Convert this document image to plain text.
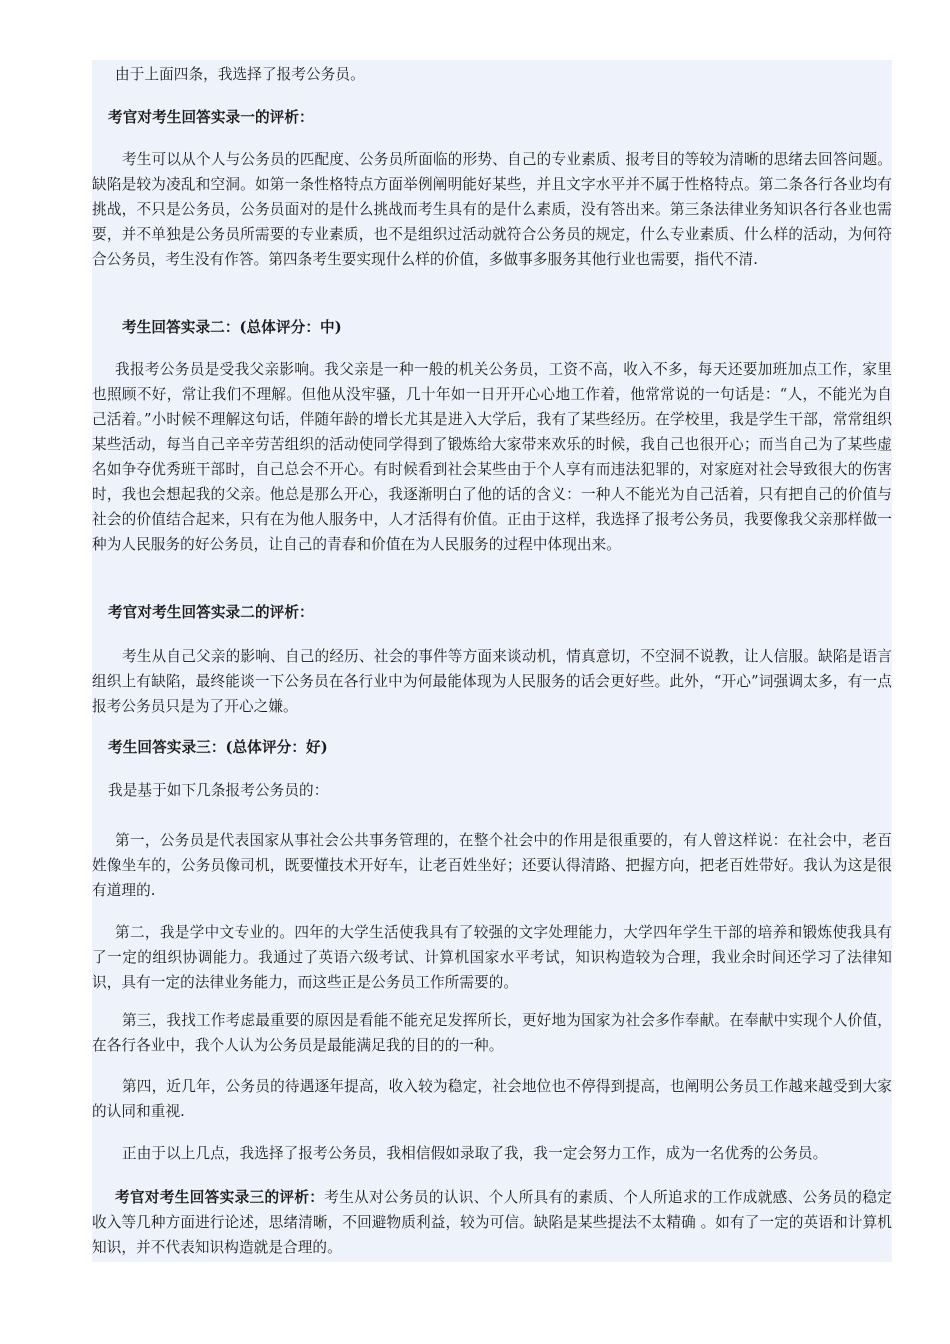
由于上面四条，我选择了报考公务员。

考官对考生回答实录一的评析：

考生可以从个人与公务员的匹配度、公务员所面临的形势、自己的专业素质、报考目的等较为清晰的思绪去回答问题。缺陷是较为凌乱和空洞。如第一条性格特点方面举例阐明能好某些，并且文字水平并不属于性格特点。第二条各行各业均有挑战，不只是公务员，公务员面对的是什么挑战而考生具有的是什么素质，没有答出来。第三条法律业务知识各行各业也需要，并不单独是公务员所需要的专业素质，也不是组织过活动就符合公务员的规定，什么专业素质、什么样的活动，为何符合公务员，考生没有作答。第四条考生要实现什么样的价值，多做事多服务其他行业也需要，指代不清.

考生回答实录二：(总体评分：中)

我报考公务员是受我父亲影响。我父亲是一种一般的机关公务员，工资不高，收入不多，每天还要加班加点工作，家里也照顾不好，常让我们不理解。但他从没牢骚，几十年如一日开开心心地工作着，他常常说的一句话是：“人，不能光为自己活着。”小时候不理解这句话，伴随年龄的增长尤其是进入大学后，我有了某些经历。在学校里，我是学生干部，常常组织某些活动，每当自己辛辛劳苦组织的活动使同学得到了锻炼给大家带来欢乐的时候，我自己也很开心；而当自己为了某些虚名如争夺优秀班干部时，自己总会不开心。有时候看到社会某些由于个人享有而违法犯罪的，对家庭对社会导致很大的伤害时，我也会想起我的父亲。他总是那么开心，我逐渐明白了他的话的含义：一种人不能光为自己活着，只有把自己的价值与社会的价值结合起来，只有在为他人服务中，人才活得有价值。正由于这样，我选择了报考公务员，我要像我父亲那样做一种为人民服务的好公务员，让自己的青春和价值在为人民服务的过程中体现出来。

考官对考生回答实录二的评析：

考生从自己父亲的影响、自己的经历、社会的事件等方面来谈动机，情真意切，不空洞不说教，让人信服。缺陷是语言组织上有缺陷，最终能谈一下公务员在各行业中为何最能体现为人民服务的话会更好些。此外，“开心”词强调太多，有一点报考公务员只是为了开心之嫌。

考生回答实录三：(总体评分：好)

我是基于如下几条报考公务员的：

第一，公务员是代表国家从事社会公共事务管理的，在整个社会中的作用是很重要的，有人曾这样说：在社会中，老百姓像坐车的，公务员像司机，既要懂技术开好车，让老百姓坐好；还要认得清路、把握方向，把老百姓带好。我认为这是很有道理的.

第二，我是学中文专业的。四年的大学生活使我具有了较强的文字处理能力，大学四年学生干部的培养和锻炼使我具有了一定的组织协调能力。我通过了英语六级考试、计算机国家水平考试，知识构造较为合理，我业余时间还学习了法律知识，具有一定的法律业务能力，而这些正是公务员工作所需要的。

第三，我找工作考虑最重要的原因是看能不能充足发挥所长，更好地为国家为社会多作奉献。在奉献中实现个人价值，在各行各业中，我个人认为公务员是最能满足我的目的的一种。

第四，近几年，公务员的待遇逐年提高，收入较为稳定，社会地位也不停得到提高，也阐明公务员工作越来越受到大家的认同和重视.

正由于以上几点，我选择了报考公务员，我相信假如录取了我，我一定会努力工作，成为一名优秀的公务员。

考官对考生回答实录三的评析：考生从对公务员的认识、个人所具有的素质、个人所追求的工作成就感、公务员的稳定收入等几种方面进行论述，思绪清晰，不回避物质利益，较为可信。缺陷是某些提法不太精确 。如有了一定的英语和计算机知识，并不代表知识构造就是合理的。
